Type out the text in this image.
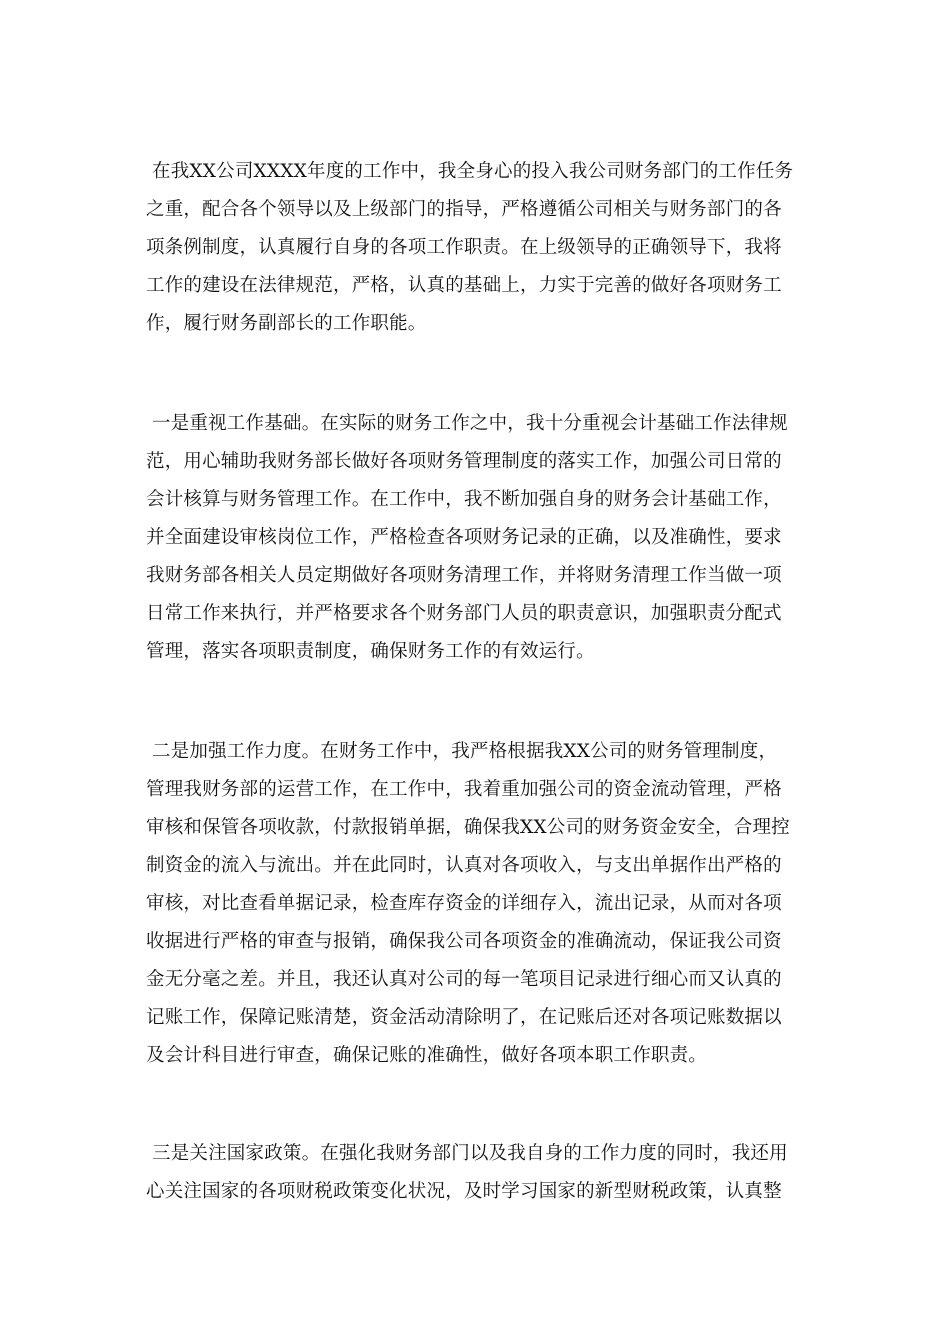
在我XX公司XXXX年度的工作中，我全身心的投入我公司财务部门的工作任务

之重，配合各个领导以及上级部门的指导，严格遵循公司相关与财务部门的各

项条例制度，认真履行自身的各项工作职责。在上级领导的正确领导下，我将

工作的建设在法律规范，严格，认真的基础上，力实于完善的做好各项财务工

作，履行财务副部长的工作职能。

一是重视工作基础。在实际的财务工作之中，我十分重视会计基础工作法律规

范，用心辅助我财务部长做好各项财务管理制度的落实工作，加强公司日常的

会计核算与财务管理工作。在工作中，我不断加强自身的财务会计基础工作，

并全面建设审核岗位工作，严格检查各项财务记录的正确，以及准确性，要求

我财务部各相关人员定期做好各项财务清理工作，并将财务清理工作当做一项

日常工作来执行，并严格要求各个财务部门人员的职责意识，加强职责分配式

管理，落实各项职责制度，确保财务工作的有效运行。

二是加强工作力度。在财务工作中，我严格根据我XX公司的财务管理制度，

管理我财务部的运营工作，在工作中，我着重加强公司的资金流动管理，严格

审核和保管各项收款，付款报销单据，确保我XX公司的财务资金安全，合理控

制资金的流入与流出。并在此同时，认真对各项收入，与支出单据作出严格的

审核，对比查看单据记录，检查库存资金的详细存入，流出记录，从而对各项

收据进行严格的审查与报销，确保我公司各项资金的准确流动，保证我公司资

金无分毫之差。并且，我还认真对公司的每一笔项目记录进行细心而又认真的

记账工作，保障记账清楚，资金活动清除明了，在记账后还对各项记账数据以

及会计科目进行审查，确保记账的准确性，做好各项本职工作职责。

三是关注国家政策。在强化我财务部门以及我自身的工作力度的同时，我还用

心关注国家的各项财税政策变化状况，及时学习国家的新型财税政策，认真整
